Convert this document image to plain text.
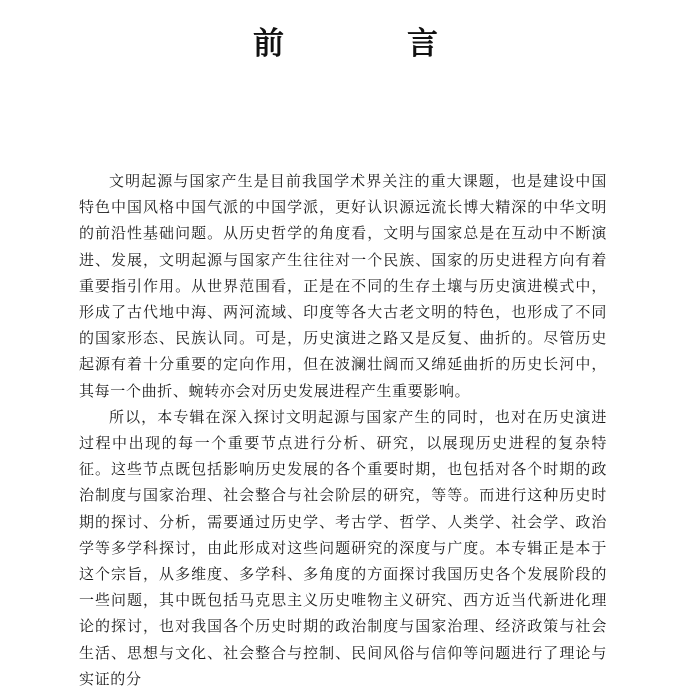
前　言

文明起源与国家产生是目前我国学术界关注的重大课题，也是建设中国特色中国风格中国气派的中国学派，更好认识源远流长博大精深的中华文明的前沿性基础问题。从历史哲学的角度看，文明与国家总是在互动中不断演进、发展，文明起源与国家产生往往对一个民族、国家的历史进程方向有着重要指引作用。从世界范围看，正是在不同的生存土壤与历史演进模式中，形成了古代地中海、两河流域、印度等各大古老文明的特色，也形成了不同的国家形态、民族认同。可是，历史演进之路又是反复、曲折的。尽管历史起源有着十分重要的定向作用，但在波澜壮阔而又绵延曲折的历史长河中，其每一个曲折、蜿转亦会对历史发展进程产生重要影响。

所以，本专辑在深入探讨文明起源与国家产生的同时，也对在历史演进过程中出现的每一个重要节点进行分析、研究，以展现历史进程的复杂特征。这些节点既包括影响历史发展的各个重要时期，也包括对各个时期的政治制度与国家治理、社会整合与社会阶层的研究，等等。而进行这种历史时期的探讨、分析，需要通过历史学、考古学、哲学、人类学、社会学、政治学等多学科探讨，由此形成对这些问题研究的深度与广度。本专辑正是本于这个宗旨，从多维度、多学科、多角度的方面探讨我国历史各个发展阶段的一些问题，其中既包括马克思主义历史唯物主义研究、西方近当代新进化理论的探讨，也对我国各个历史时期的政治制度与国家治理、经济政策与社会生活、思想与文化、社会整合与控制、民间风俗与信仰等问题进行了理论与实证的分
